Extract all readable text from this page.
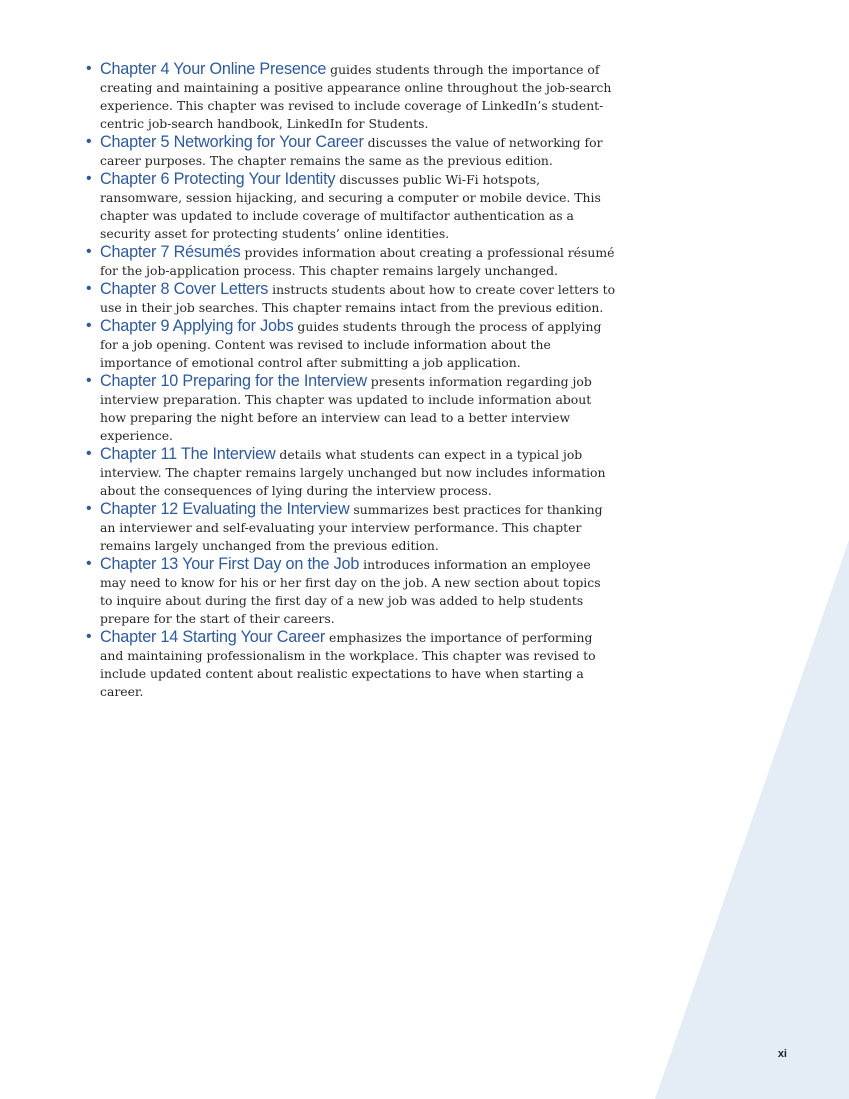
• Chapter 4 Your Online Presence guides students through the importance of creating and maintaining a positive appearance online throughout the job-search experience. This chapter was revised to include coverage of LinkedIn’s student-centric job-search handbook, LinkedIn for Students.
• Chapter 5 Networking for Your Career discusses the value of networking for career purposes. The chapter remains the same as the previous edition.
• Chapter 6 Protecting Your Identity discusses public Wi-Fi hotspots, ransomware, session hijacking, and securing a computer or mobile device. This chapter was updated to include coverage of multifactor authentication as a security asset for protecting students’ online identities.
• Chapter 7 Résumés provides information about creating a professional résumé for the job-application process. This chapter remains largely unchanged.
• Chapter 8 Cover Letters instructs students about how to create cover letters to use in their job searches. This chapter remains intact from the previous edition.
• Chapter 9 Applying for Jobs guides students through the process of applying for a job opening. Content was revised to include information about the importance of emotional control after submitting a job application.
• Chapter 10 Preparing for the Interview presents information regarding job interview preparation. This chapter was updated to include information about how preparing the night before an interview can lead to a better interview experience.
• Chapter 11 The Interview details what students can expect in a typical job interview. The chapter remains largely unchanged but now includes information about the consequences of lying during the interview process.
• Chapter 12 Evaluating the Interview summarizes best practices for thanking an interviewer and self-evaluating your interview performance. This chapter remains largely unchanged from the previous edition.
• Chapter 13 Your First Day on the Job introduces information an employee may need to know for his or her first day on the job. A new section about topics to inquire about during the first day of a new job was added to help students prepare for the start of their careers.
• Chapter 14 Starting Your Career emphasizes the importance of performing and maintaining professionalism in the workplace. This chapter was revised to include updated content about realistic expectations to have when starting a career.
xi
